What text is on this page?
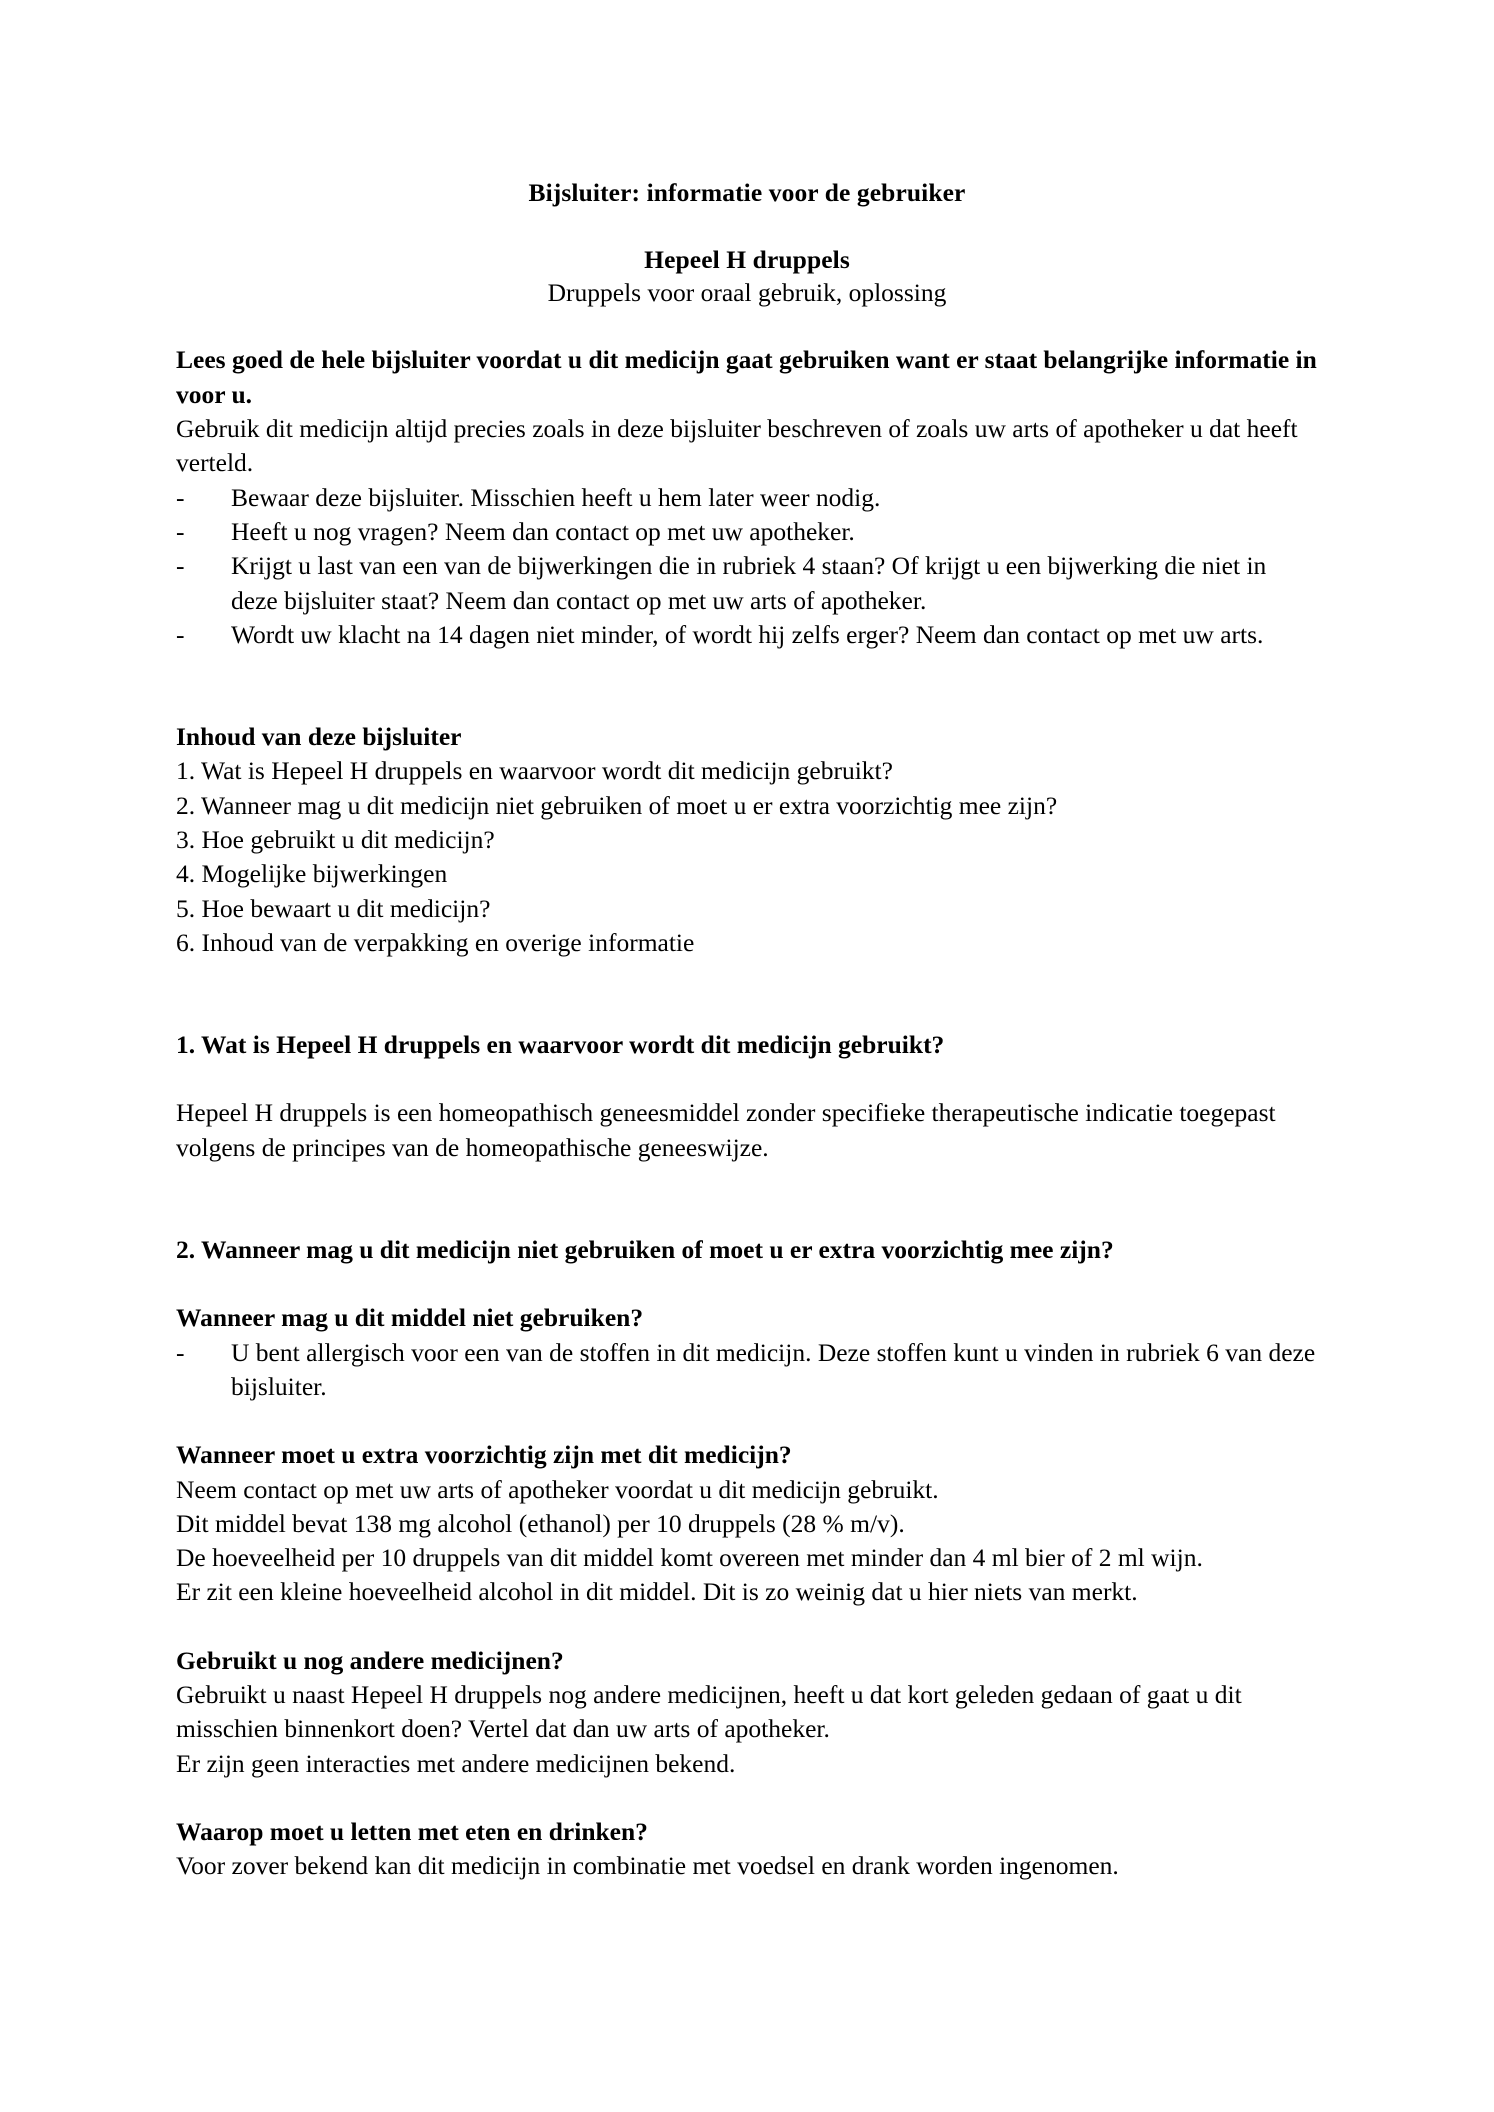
Bijsluiter: informatie voor de gebruiker
Hepeel H druppels
Druppels voor oraal gebruik, oplossing
Lees goed de hele bijsluiter voordat u dit medicijn gaat gebruiken want er staat belangrijke informatie in voor u.
Gebruik dit medicijn altijd precies zoals in deze bijsluiter beschreven of zoals uw arts of apotheker u dat heeft verteld.
-	Bewaar deze bijsluiter. Misschien heeft u hem later weer nodig.
-	Heeft u nog vragen? Neem dan contact op met uw apotheker.
-	Krijgt u last van een van de bijwerkingen die in rubriek 4 staan? Of krijgt u een bijwerking die niet in deze bijsluiter staat? Neem dan contact op met uw arts of apotheker.
-	Wordt uw klacht na 14 dagen niet minder, of wordt hij zelfs erger? Neem dan contact op met uw arts.
Inhoud van deze bijsluiter
1. Wat is Hepeel H druppels en waarvoor wordt dit medicijn gebruikt?
2. Wanneer mag u dit medicijn niet gebruiken of moet u er extra voorzichtig mee zijn?
3. Hoe gebruikt u dit medicijn?
4. Mogelijke bijwerkingen
5. Hoe bewaart u dit medicijn?
6. Inhoud van de verpakking en overige informatie
1. Wat is Hepeel H druppels en waarvoor wordt dit medicijn gebruikt?
Hepeel H druppels is een homeopathisch geneesmiddel zonder specifieke therapeutische indicatie toegepast volgens de principes van de homeopathische geneeswijze.
2. Wanneer mag u dit medicijn niet gebruiken of moet u er extra voorzichtig mee zijn?
Wanneer mag u dit middel niet gebruiken?
-	U bent allergisch voor een van de stoffen in dit medicijn. Deze stoffen kunt u vinden in rubriek 6 van deze bijsluiter.
Wanneer moet u extra voorzichtig zijn met dit medicijn?
Neem contact op met uw arts of apotheker voordat u dit medicijn gebruikt.
Dit middel bevat 138 mg alcohol (ethanol) per 10 druppels (28 % m/v).
De hoeveelheid per 10 druppels van dit middel komt overeen met minder dan 4 ml bier of 2 ml wijn.
Er zit een kleine hoeveelheid alcohol in dit middel. Dit is zo weinig dat u hier niets van merkt.
Gebruikt u nog andere medicijnen?
Gebruikt u naast Hepeel H druppels nog andere medicijnen, heeft u dat kort geleden gedaan of gaat u dit misschien binnenkort doen? Vertel dat dan uw arts of apotheker.
Er zijn geen interacties met andere medicijnen bekend.
Waarop moet u letten met eten en drinken?
Voor zover bekend kan dit medicijn in combinatie met voedsel en drank worden ingenomen.
